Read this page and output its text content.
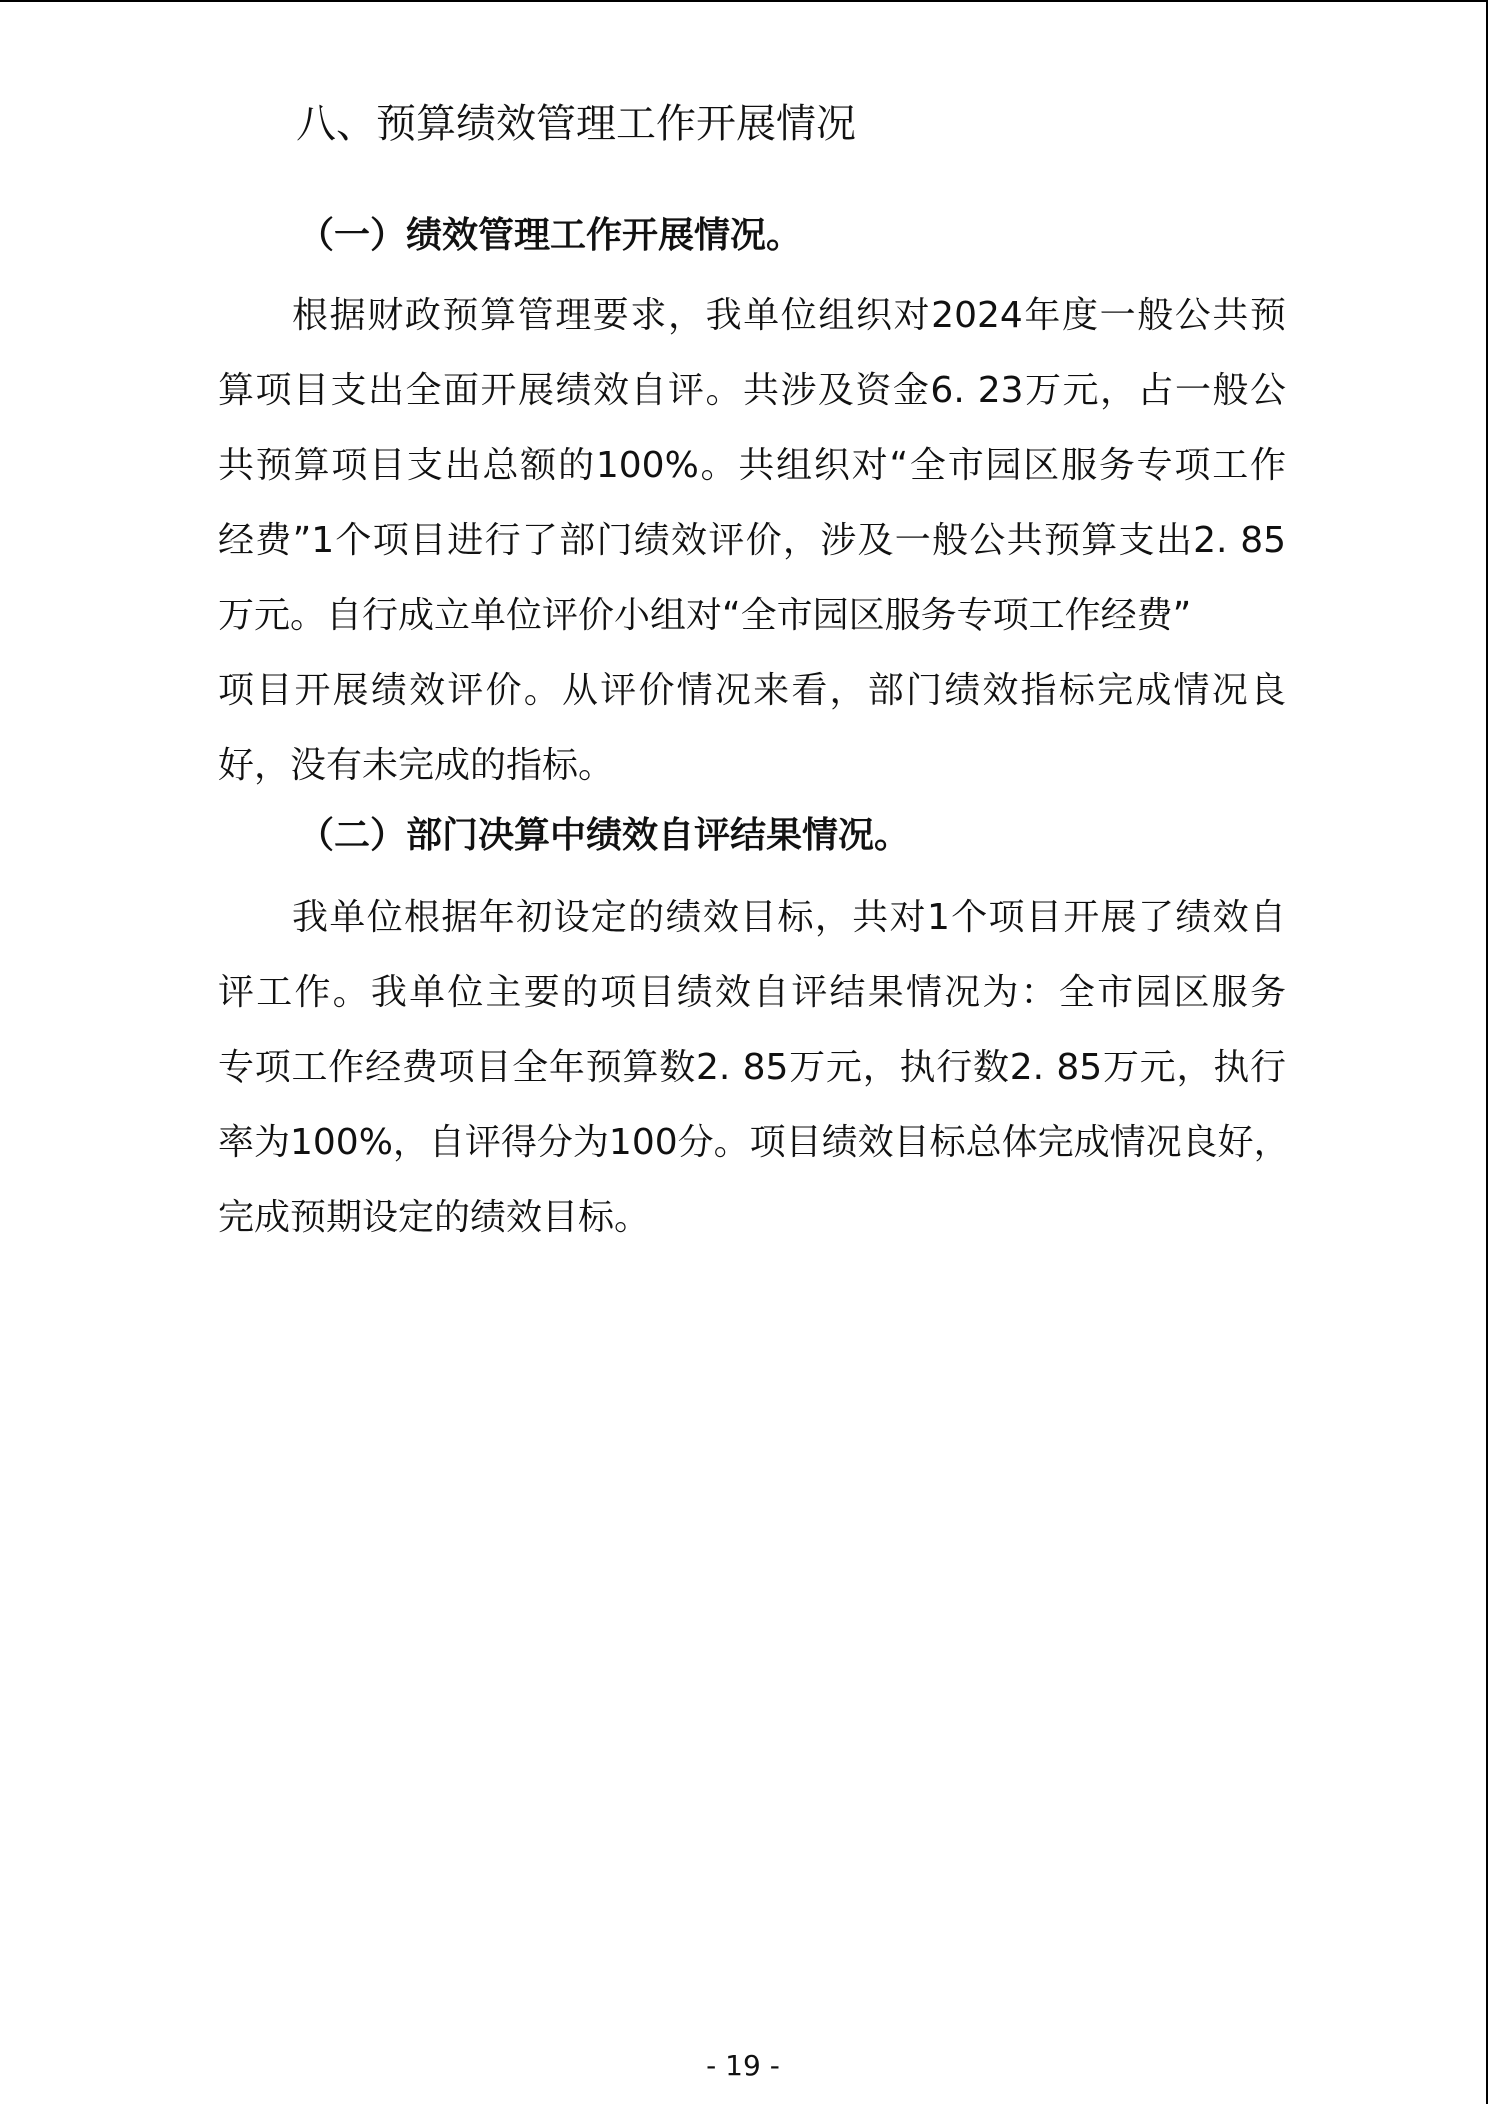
八、预算绩效管理工作开展情况
（一）绩效管理工作开展情况。
根据财政预算管理要求，我单位组织对2024年度一般公共预
算项目支出全面开展绩效自评。共涉及资金6. 23万元，占一般公
共预算项目支出总额的100%。共组织对“全市园区服务专项工作
经费”1个项目进行了部门绩效评价，涉及一般公共预算支出2. 85
万元。自行成立单位评价小组对“全市园区服务专项工作经费”
项目开展绩效评价。从评价情况来看，部门绩效指标完成情况良
好，没有未完成的指标。
（二）部门决算中绩效自评结果情况。
我单位根据年初设定的绩效目标，共对1个项目开展了绩效自
评工作。我单位主要的项目绩效自评结果情况为：全市园区服务
专项工作经费项目全年预算数2. 85万元，执行数2. 85万元，执行
率为100%，自评得分为100分。项目绩效目标总体完成情况良好，
完成预期设定的绩效目标。
- 19 -
